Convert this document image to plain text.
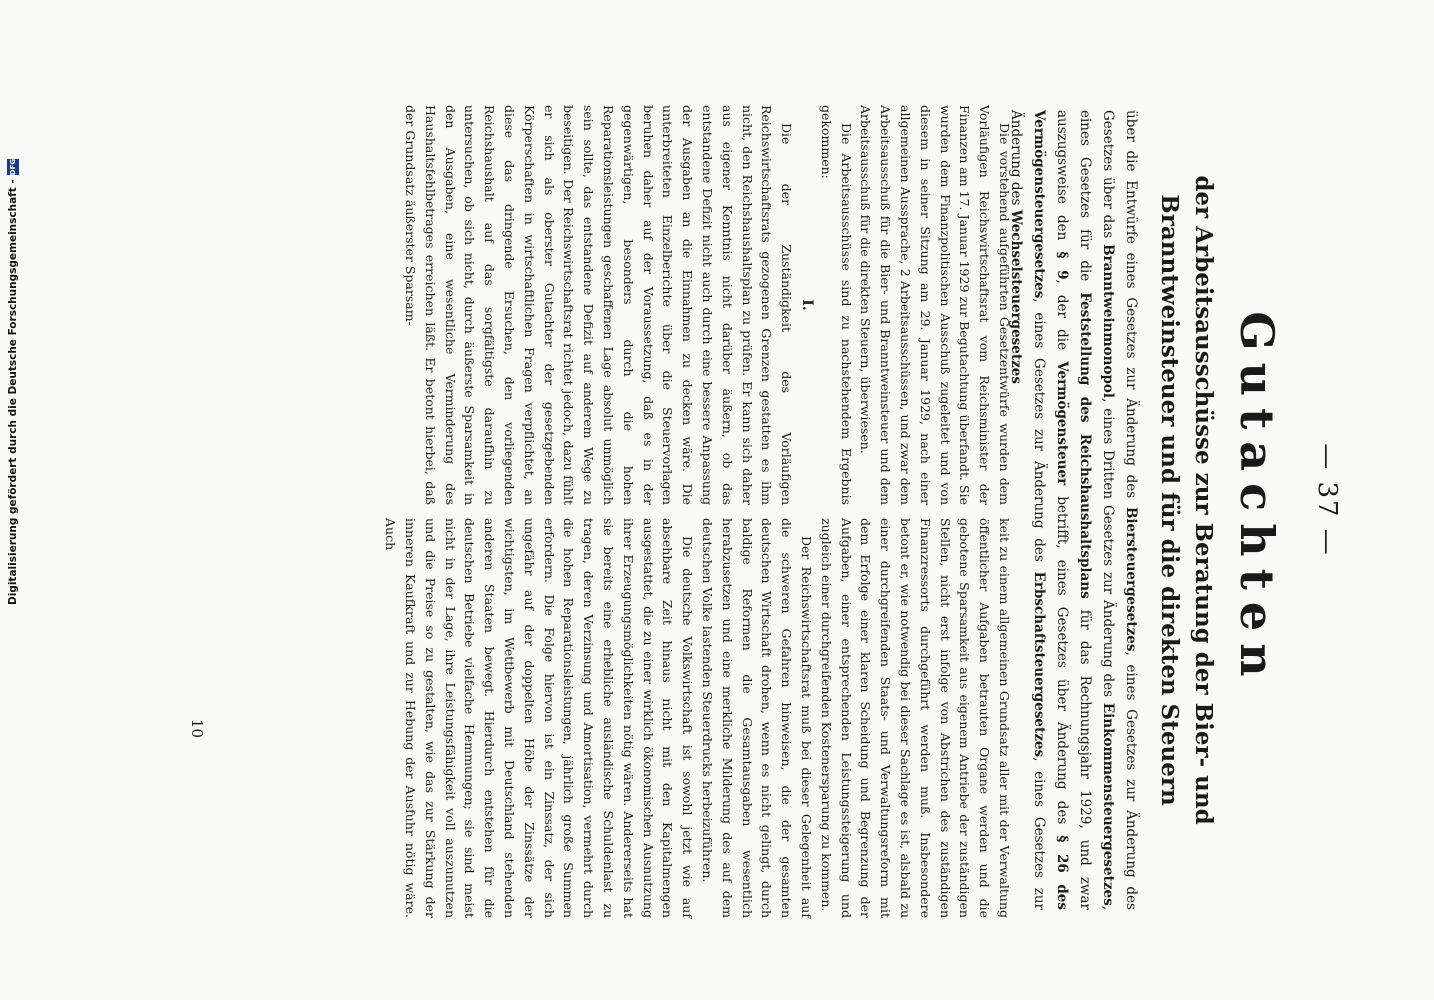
— 37 —
Gutachten
der Arbeitsausschüsse zur Beratung der Bier- und Branntweinsteuer und für die direkten Steuern
über die Entwürfe eines Gesetzes zur Änderung des Biersteuergesetzes, eines Gesetzes zur Änderung des Gesetzes über das Branntweinmonopol, eines Dritten Gesetzes zur Änderung des Einkommensteuergesetzes, eines Gesetzes für die Feststellung des Reichshaushaltsplans für das Rechnungsjahr 1929, und zwar auszugsweise den § 9, der die Vermögensteuer betrifft, eines Gesetzes über Änderung des § 26 des Vermögensteuergesetzes, eines Gesetzes zur Änderung des Erbschaftsteuergesetzes, eines Gesetzes zur Änderung des Wechselsteuergesetzes

Die vorstehend aufgeführten Gesetzentwürfe wurden dem Vorläufigen Reichswirtschaftsrat vom Reichsminister der Finanzen am 17. Januar 1929 zur Begutachtung überfandt. Sie wurden dem Finanzpolitischen Ausschuß zugeleitet und von diesem in seiner Sitzung am 29. Januar 1929, nach einer allgemeinen Aussprache, 2 Arbeitsausschüssen, und zwar dem Arbeitsausschuß für die Bier- und Branntweinsteuer und dem Arbeitsausschuß für die direkten Steuern, überwiesen.

Die Arbeitsausschüsse sind zu nachstehendem Ergebnis gekommen:

I.

Die der Zuständigkeit des Vorläufigen Reichswirtschaftsrats gezogenen Grenzen gestatten es ihm nicht, den Reichshaushaltsplan zu prüfen. Er kann sich daher aus eigener Kenntnis nicht darüber äußern, ob das entstandene Defizit nicht auch durch eine bessere Anpassung der Ausgaben an die Einnahmen zu decken wäre. Die unterbreiteten Einzelberichte über die Steuervorlagen beruhen daher auf der Voraussetzung, daß es in der gegenwärtigen, besonders durch die hohen Reparationsleistungen geschaffenen Lage absolut unmöglich sein sollte, das entstandene Defizit auf anderem Wege zu beseitigen. Der Reichswirtschaftsrat richtet jedoch, dazu fühlt er sich als oberster Gutachter der gesetzgebenden Körperschaften in wirtschaftlichen Fragen verpflichtet, an diese das dringende Ersuchen, den vorliegenden Reichshaushalt auf das sorgfältigste daraufhin zu untersuchen, ob sich nicht, durch äußerste Sparsamkeit in den Ausgaben, eine wesentliche Verminderung des Haushaltsfehlbetrages erreichen läßt. Er betont hierbei, daß der Grundsatz äußerster Sparsam-

keit zu einem allgemeinen Grundsatz aller mit der Verwaltung öffentlicher Aufgaben betrauten Organe werden und die gebotene Sparsamkeit aus eigenem Antriebe der zuständigen Stellen, nicht erst infolge von Abstrichen des zuständigen Finanzressorts durchgeführt werden muß. Insbesondere betont er, wie notwendig bei dieser Sachlage es ist, alsbald zu einer durchgreifenden Staats- und Verwaltungsreform mit dem Erfolge einer klaren Scheidung und Begrenzung der Aufgaben, einer entsprechenden Leistungssteigerung und zugleich einer durchgreifenden Kostenersparung zu kommen.

Der Reichswirtschaftsrat muß bei dieser Gelegenheit auf die schweren Gefahren hinweisen, die der gesamten deutschen Wirtschaft drohen, wenn es nicht gelingt, durch baldige Reformen die Gesamtausgaben wesentlich herabzusetzen und eine merkliche Milderung des auf dem deutschen Volke lastenden Steuerdrucks herbeizuführen.

Die deutsche Volkswirtschaft ist sowohl jetzt wie auf absehbare Zeit hinaus nicht mit den Kapitalmengen ausgestattet, die zu einer wirklich ökonomischen Ausnutzung ihrer Erzeugungsmöglichkeiten nötig wären. Andererseits hat sie bereits eine erhebliche ausländische Schuldenlast zu tragen, deren Verzinsung und Amortisation, vermehrt durch die hohen Reparationsleistungen, jährlich große Summen erfordern. Die Folge hiervon ist ein Zinssatz, der sich ungefähr auf der doppelten Höhe der Zinssätze der wichtigsten, im Wettbewerb mit Deutschland stehenden anderen Staaten bewegt. Hierdurch entstehen für die deutschen Betriebe vielfache Hemmungen; sie sind meist nicht in der Lage, ihre Leistungsfähigkeit voll auszunutzen und die Preise so zu gestalten, wie das zur Stärkung der inneren Kaufkraft und zur Hebung der Ausfuhr nötig wäre. Auch

10
Digitalisierung gefördert durch die Deutsche Forschungsgemeinschaft -
DFG
